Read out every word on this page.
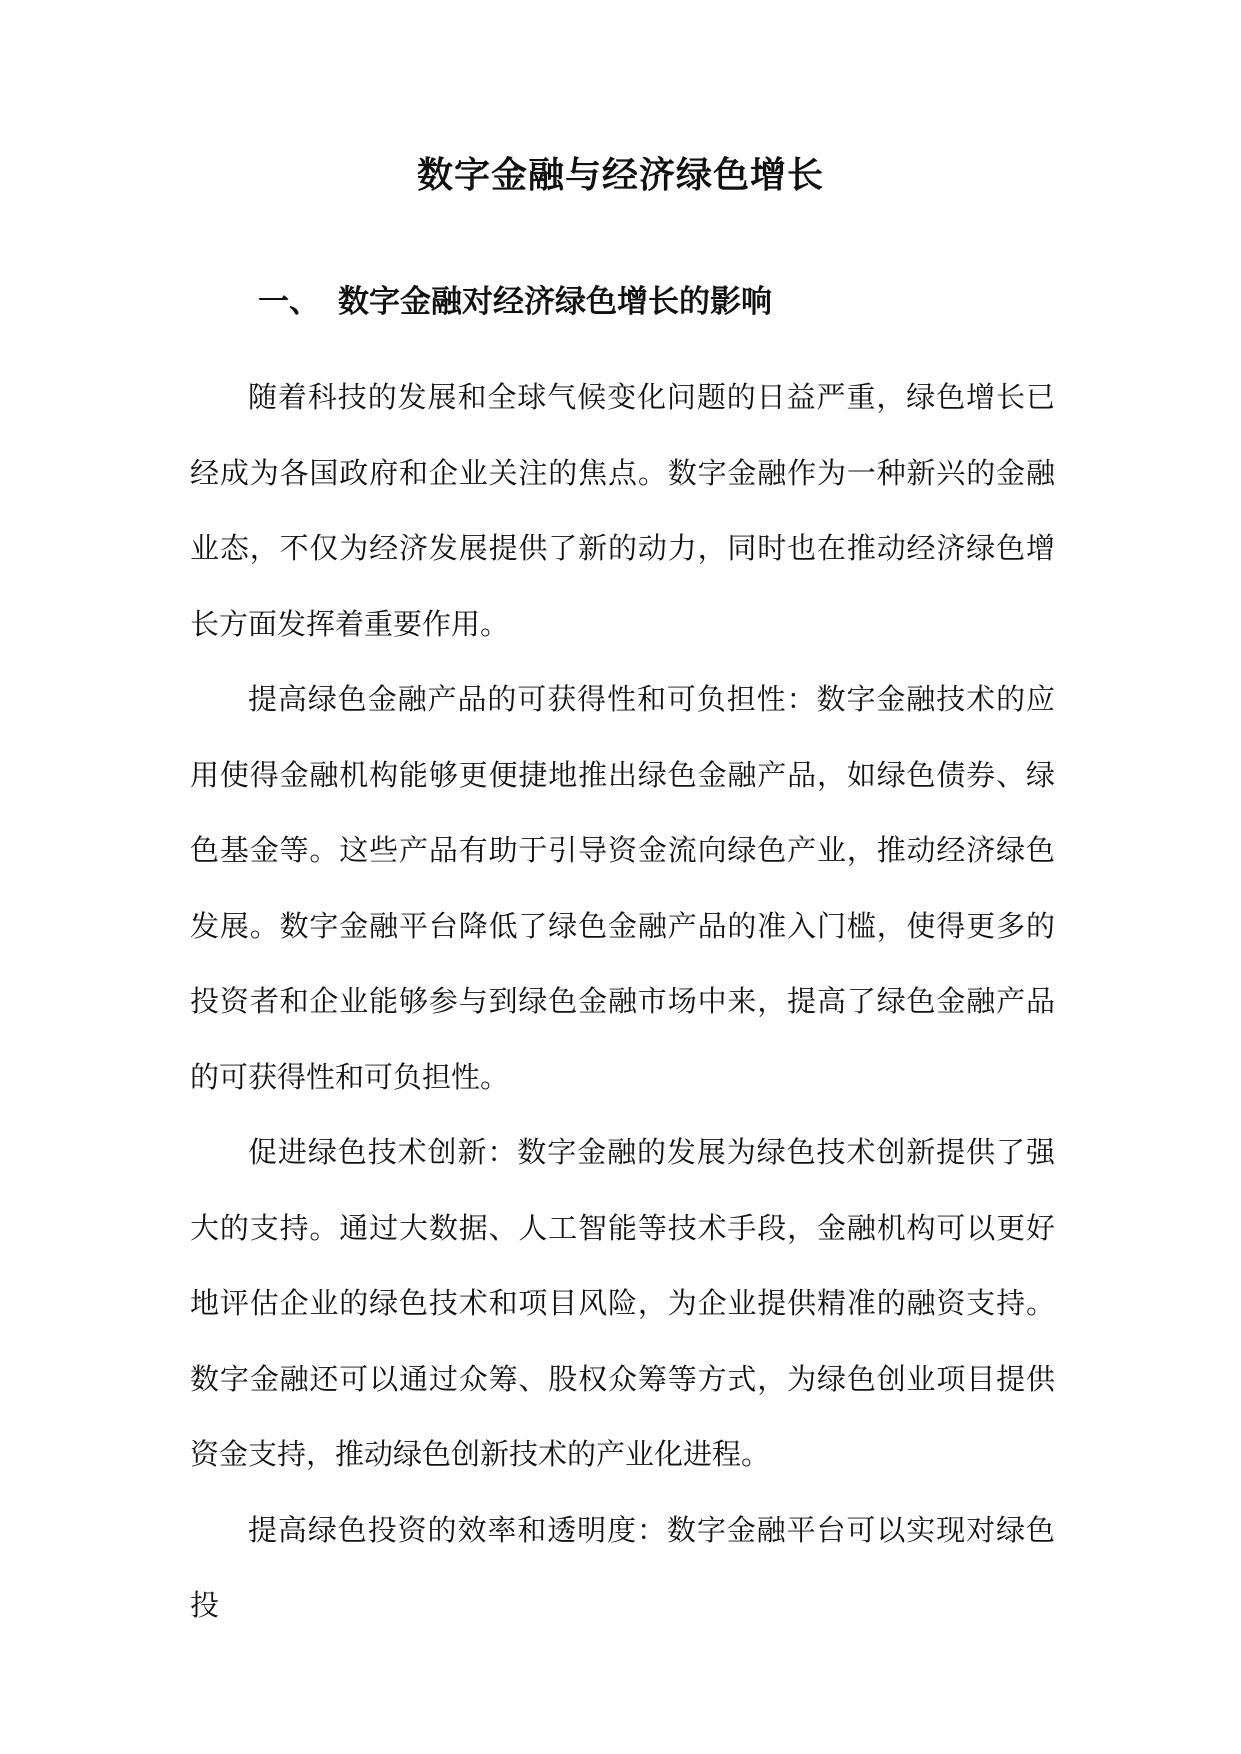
数字金融与经济绿色增长
一、 数字金融对经济绿色增长的影响

随着科技的发展和全球气候变化问题的日益严重，绿色增长已经成为各国政府和企业关注的焦点。数字金融作为一种新兴的金融业态，不仅为经济发展提供了新的动力，同时也在推动经济绿色增长方面发挥着重要作用。

提高绿色金融产品的可获得性和可负担性：数字金融技术的应用使得金融机构能够更便捷地推出绿色金融产品，如绿色债券、绿色基金等。这些产品有助于引导资金流向绿色产业，推动经济绿色发展。数字金融平台降低了绿色金融产品的准入门槛，使得更多的投资者和企业能够参与到绿色金融市场中来，提高了绿色金融产品的可获得性和可负担性。

促进绿色技术创新：数字金融的发展为绿色技术创新提供了强大的支持。通过大数据、人工智能等技术手段，金融机构可以更好地评估企业的绿色技术和项目风险，为企业提供精准的融资支持。数字金融还可以通过众筹、股权众筹等方式，为绿色创业项目提供资金支持，推动绿色创新技术的产业化进程。

提高绿色投资的效率和透明度：数字金融平台可以实现对绿色投
